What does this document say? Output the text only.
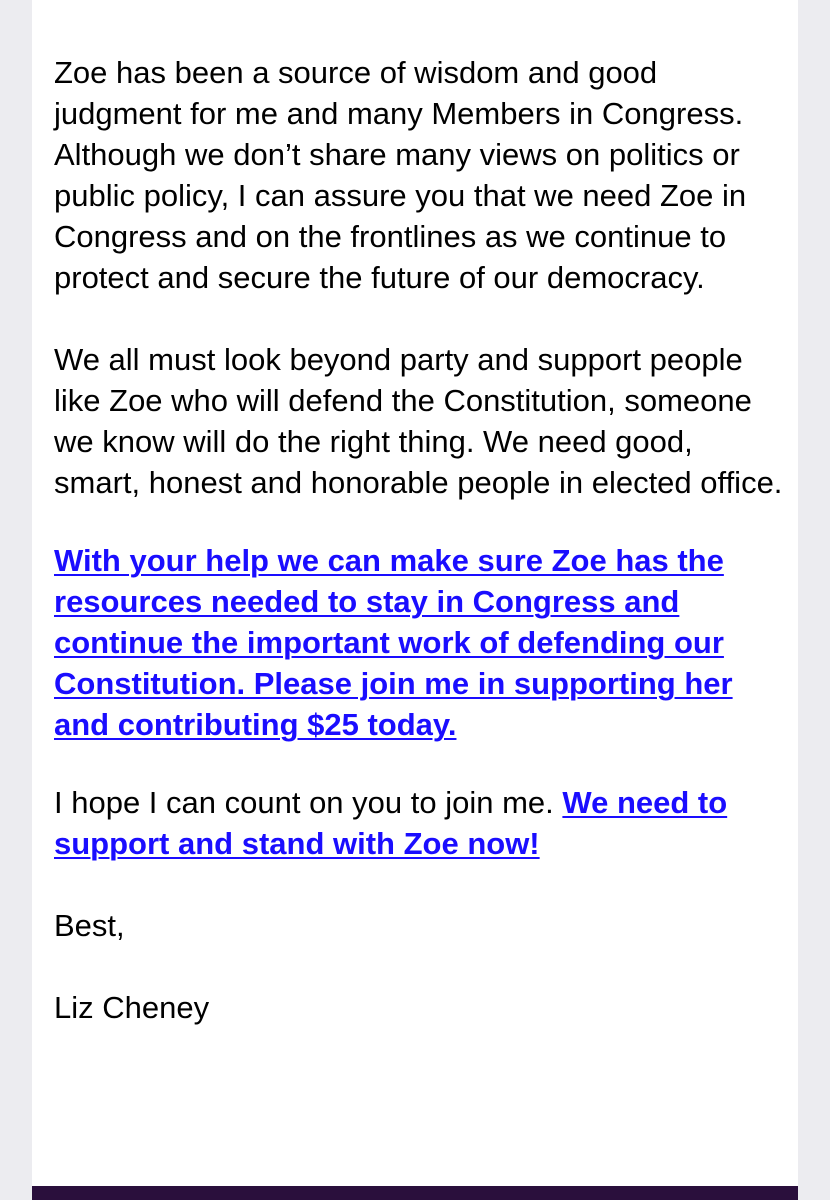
Zoe has been a source of wisdom and good judgment for me and many Members in Congress. Although we don’t share many views on politics or public policy, I can assure you that we need Zoe in Congress and on the frontlines as we continue to protect and secure the future of our democracy.

We all must look beyond party and support people like Zoe who will defend the Constitution, someone we know will do the right thing. We need good, smart, honest and honorable people in elected office.

With your help we can make sure Zoe has the resources needed to stay in Congress and continue the important work of defending our Constitution. Please join me in supporting her and contributing $25 today.

I hope I can count on you to join me. We need to support and stand with Zoe now!

Best,

Liz Cheney
